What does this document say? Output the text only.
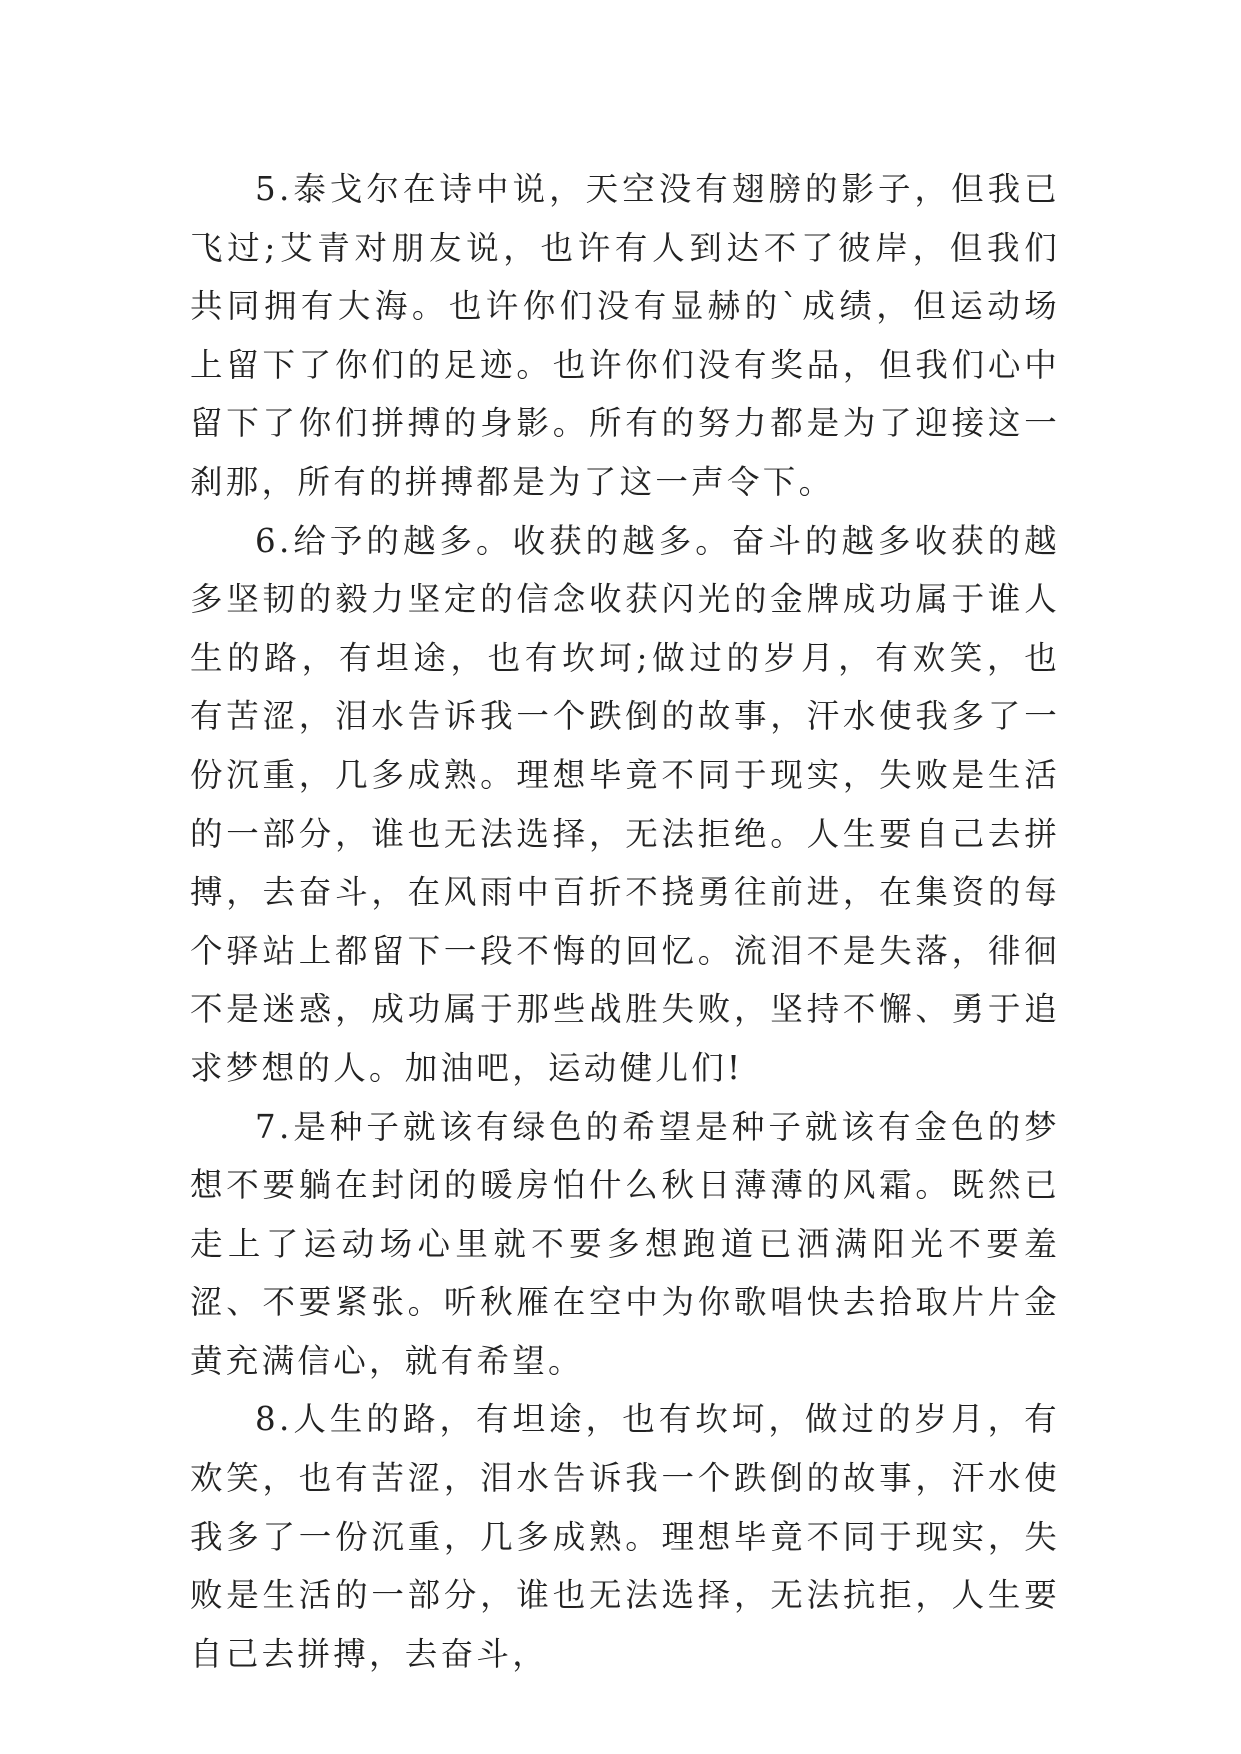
5.泰戈尔在诗中说，天空没有翅膀的影子，但我已飞过;艾青对朋友说，也许有人到达不了彼岸，但我们共同拥有大海。也许你们没有显赫的`成绩，但运动场上留下了你们的足迹。也许你们没有奖品，但我们心中留下了你们拼搏的身影。所有的努力都是为了迎接这一刹那，所有的拼搏都是为了这一声令下。

6.给予的越多。收获的越多。奋斗的越多收获的越多坚韧的毅力坚定的信念收获闪光的金牌成功属于谁人生的路，有坦途，也有坎坷;做过的岁月，有欢笑，也有苦涩，泪水告诉我一个跌倒的故事，汗水使我多了一份沉重，几多成熟。理想毕竟不同于现实，失败是生活的一部分，谁也无法选择，无法拒绝。人生要自己去拼搏，去奋斗，在风雨中百折不挠勇往前进，在集资的每个驿站上都留下一段不悔的回忆。流泪不是失落，徘徊不是迷惑，成功属于那些战胜失败，坚持不懈、勇于追求梦想的人。加油吧，运动健儿们!

7.是种子就该有绿色的希望是种子就该有金色的梦想不要躺在封闭的暖房怕什么秋日薄薄的风霜。既然已走上了运动场心里就不要多想跑道已洒满阳光不要羞涩、不要紧张。听秋雁在空中为你歌唱快去拾取片片金黄充满信心，就有希望。

8.人生的路，有坦途，也有坎坷，做过的岁月，有欢笑，也有苦涩，泪水告诉我一个跌倒的故事，汗水使我多了一份沉重，几多成熟。理想毕竟不同于现实，失败是生活的一部分，谁也无法选择，无法抗拒，人生要自己去拼搏，去奋斗，
